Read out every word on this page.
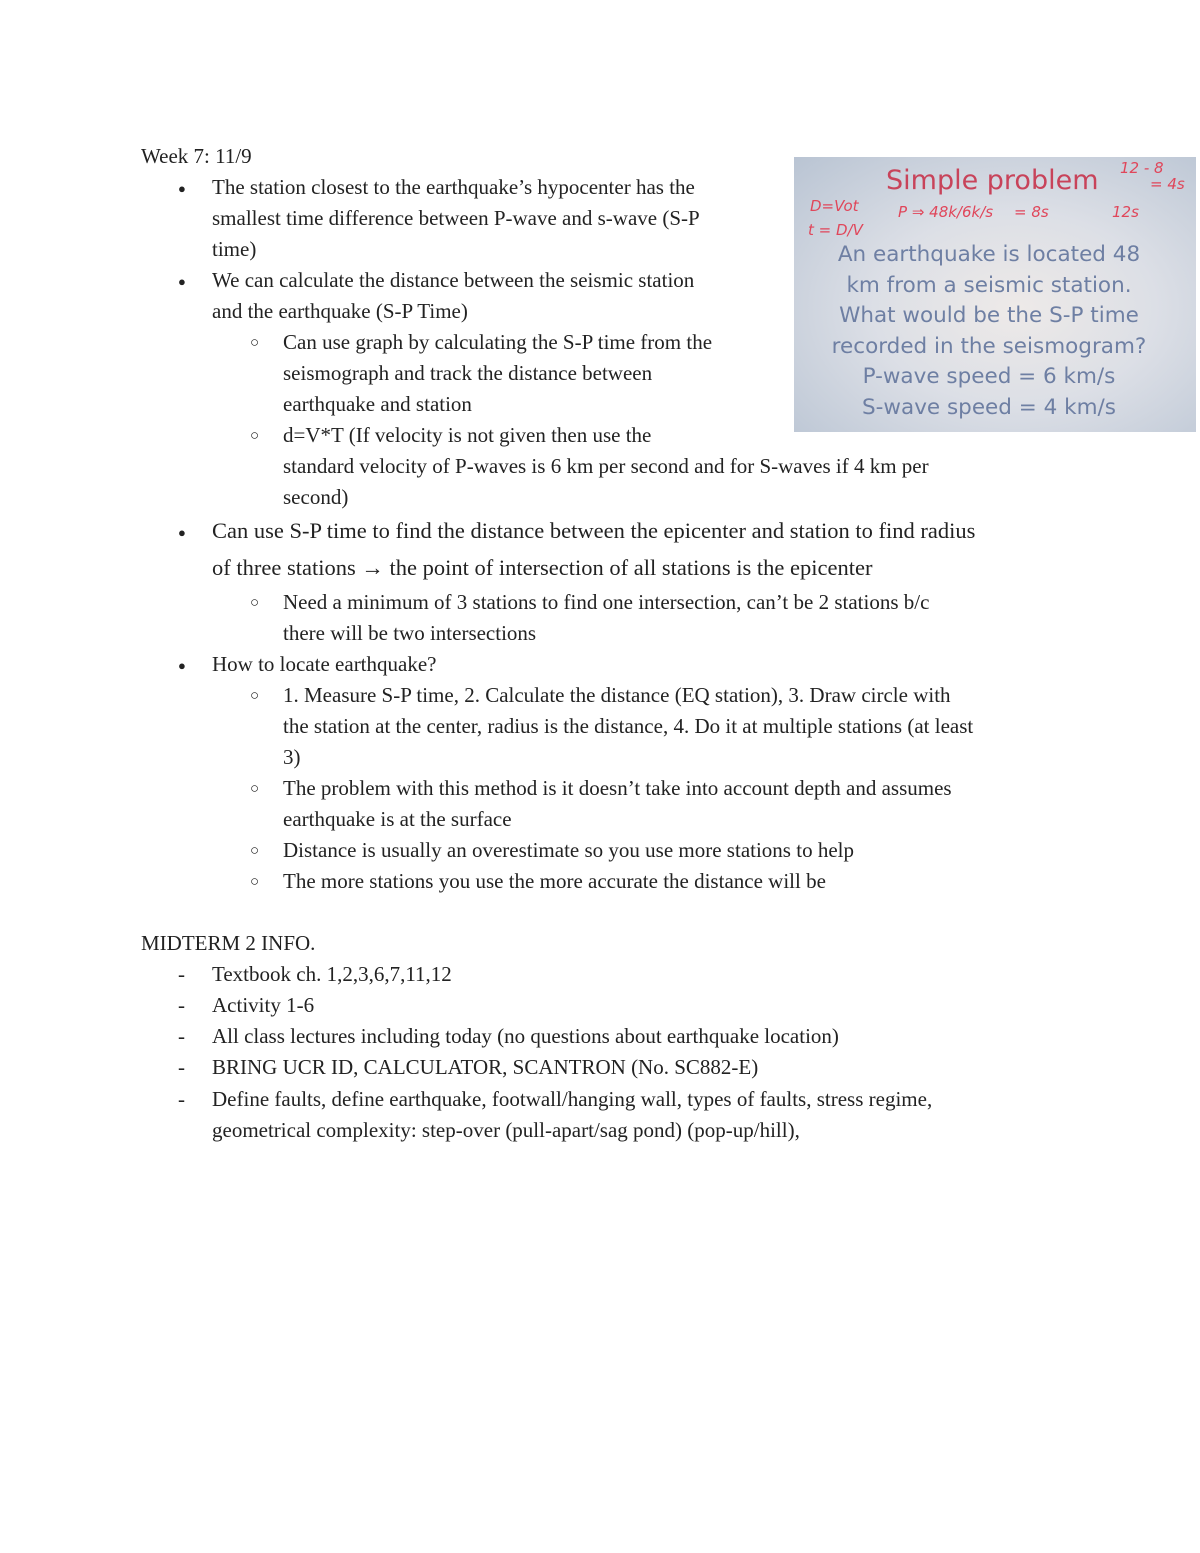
Week 7: 11/9
● The station closest to the earthquake’s hypocenter has the
smallest time difference between P-wave and s-wave (S-P
time)
● We can calculate the distance between the seismic station
and the earthquake (S-P Time)
○ Can use graph by calculating the S-P time from the
seismograph and track the distance between
earthquake and station
○ d=V*T (If velocity is not given then use the
standard velocity of P-waves is 6 km per second and for S-waves if 4 km per
second)
● Can use S-P time to find the distance between the epicenter and station to find radius
of three stations → the point of intersection of all stations is the epicenter
○ Need a minimum of 3 stations to find one intersection, can’t be 2 stations b/c
there will be two intersections
● How to locate earthquake?
○ 1. Measure S-P time, 2. Calculate the distance (EQ station), 3. Draw circle with
the station at the center, radius is the distance, 4. Do it at multiple stations (at least
3)
○ The problem with this method is it doesn’t take into account depth and assumes
earthquake is at the surface
○ Distance is usually an overestimate so you use more stations to help
○ The more stations you use the more accurate the distance will be
MIDTERM 2 INFO.
- Textbook ch. 1,2,3,6,7,11,12
- Activity 1-6
- All class lectures including today (no questions about earthquake location)
- BRING UCR ID, CALCULATOR, SCANTRON (No. SC882-E)
- Define faults, define earthquake, footwall/hanging wall, types of faults, stress regime,
geometrical complexity: step-over (pull-apart/sag pond) (pop-up/hill),
Simple problem
An earthquake is located 48
km from a seismic station.
What would be the S-P time
recorded in the seismogram?
P-wave speed = 6 km/s
S-wave speed = 4 km/s
D=Vot
t = D/V
P ⇒ 48k/6k/s = 8s	12s
12 - 8
= 4s
